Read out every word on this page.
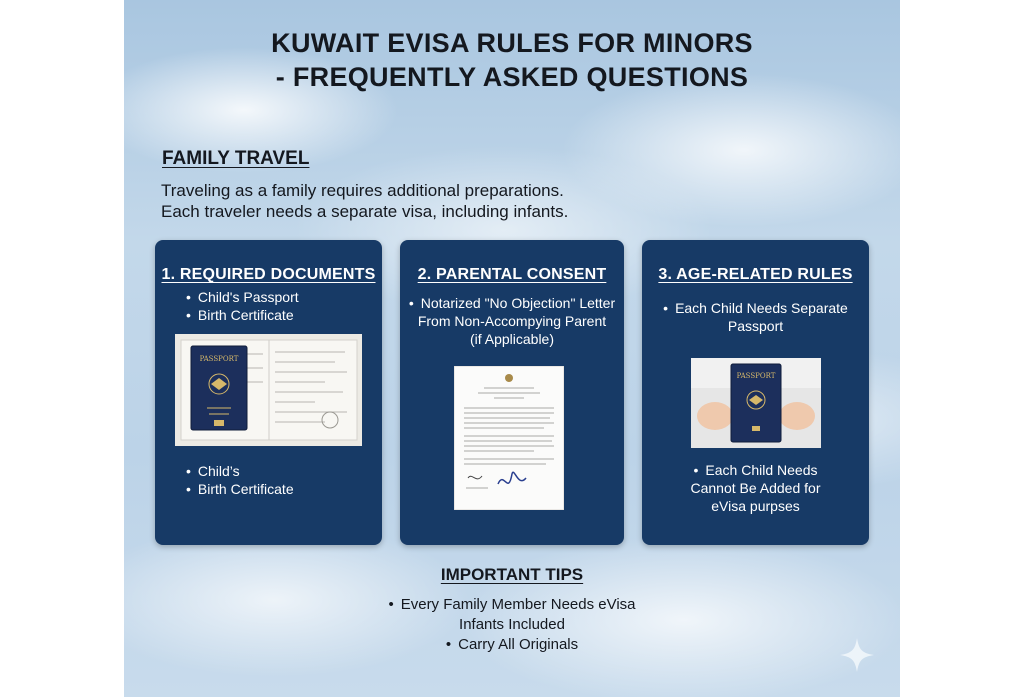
KUWAIT EVISA RULES FOR MINORS
- FREQUENTLY ASKED QUESTIONS
FAMILY TRAVEL
Traveling as a family requires additional preparations.
Each traveler needs a separate visa, including infants.
1. REQUIRED DOCUMENTS
• Child's Passport
• Birth Certificate
PASSPORT
• Child’s
• Birth Certificate
2. PARENTAL CONSENT
• Notarized "No Objection" Letter
From Non-Accompying Parent
(if Applicable)
3. AGE-RELATED RULES
• Each Child Needs Separate
Passport
PASSPORT
• Each Child Needs
Cannot Be Added for
eVisa purpses
IMPORTANT TIPS
• Every Family Member Needs eVisa
Infants Included
• Carry All Originals
